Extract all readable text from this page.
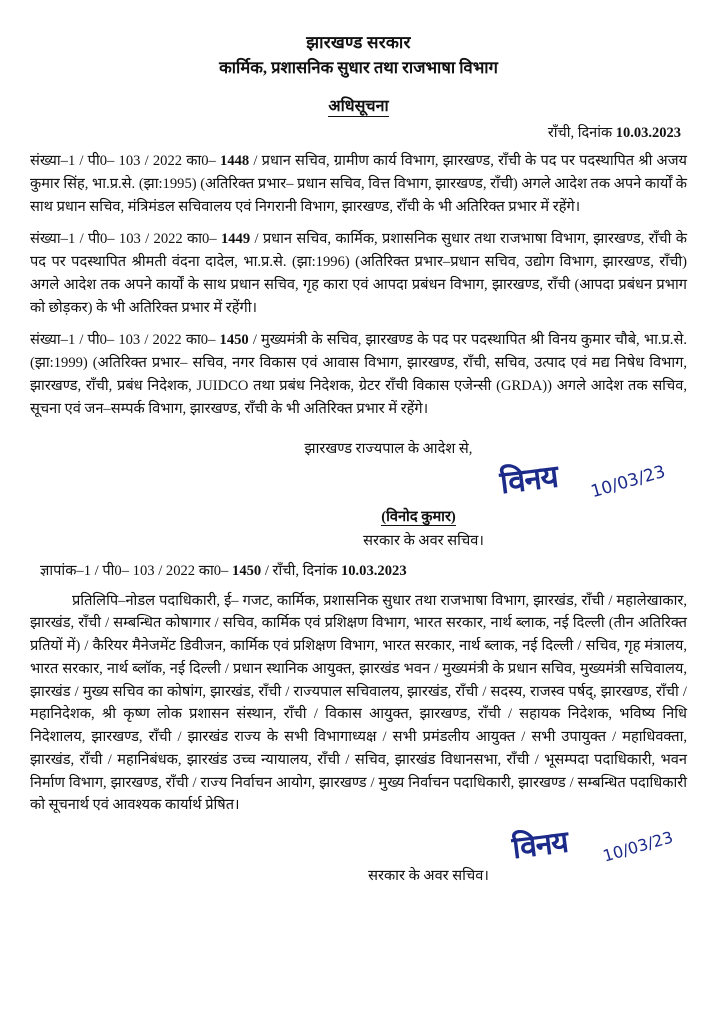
झारखण्ड सरकार
कार्मिक, प्रशासनिक सुधार तथा राजभाषा विभाग
अधिसूचना
राँची, दिनांक 10.03.2023
संख्या–1 / पी0– 103 / 2022 का0– 1448 / प्रधान सचिव, ग्रामीण कार्य विभाग, झारखण्ड, राँची के पद पर पदस्थापित श्री अजय कुमार सिंह, भा.प्र.से. (झा:1995) (अतिरिक्त प्रभार– प्रधान सचिव, वित्त विभाग, झारखण्ड, राँची) अगले आदेश तक अपने कार्यों के साथ प्रधान सचिव, मंत्रिमंडल सचिवालय एवं निगरानी विभाग, झारखण्ड, राँची के भी अतिरिक्त प्रभार में रहेंगे।
संख्या–1 / पी0– 103 / 2022 का0– 1449 / प्रधान सचिव, कार्मिक, प्रशासनिक सुधार तथा राजभाषा विभाग, झारखण्ड, राँची के पद पर पदस्थापित श्रीमती वंदना दादेल, भा.प्र.से. (झा:1996) (अतिरिक्त प्रभार–प्रधान सचिव, उद्योग विभाग, झारखण्ड, राँची) अगले आदेश तक अपने कार्यों के साथ प्रधान सचिव, गृह कारा एवं आपदा प्रबंधन विभाग, झारखण्ड, राँची (आपदा प्रबंधन प्रभाग को छोड़कर) के भी अतिरिक्त प्रभार में रहेंगी।
संख्या–1 / पी0– 103 / 2022 का0– 1450 / मुख्यमंत्री के सचिव, झारखण्ड के पद पर पदस्थापित श्री विनय कुमार चौबे, भा.प्र.से. (झा:1999) (अतिरिक्त प्रभार– सचिव, नगर विकास एवं आवास विभाग, झारखण्ड, राँची, सचिव, उत्पाद एवं मद्य निषेध विभाग, झारखण्ड, राँची, प्रबंध निदेशक, JUIDCO तथा प्रबंध निदेशक, ग्रेटर राँची विकास एजेन्सी (GRDA)) अगले आदेश तक सचिव, सूचना एवं जन–सम्पर्क विभाग, झारखण्ड, राँची के भी अतिरिक्त प्रभार में रहेंगे।
झारखण्ड राज्यपाल के आदेश से,
विनय 10/03/23
(विनोद कुमार)
सरकार के अवर सचिव।
ज्ञापांक–1 / पी0– 103 / 2022 का0– 1450 / राँची, दिनांक 10.03.2023
प्रतिलिपि–नोडल पदाधिकारी, ई– गजट, कार्मिक, प्रशासनिक सुधार तथा राजभाषा विभाग, झारखंड, राँची / महालेखाकार, झारखंड, राँची / सम्बन्धित कोषागार / सचिव, कार्मिक एवं प्रशिक्षण विभाग, भारत सरकार, नार्थ ब्लाक, नई दिल्ली (तीन अतिरिक्त प्रतियों में) / कैरियर मैनेजमेंट डिवीजन, कार्मिक एवं प्रशिक्षण विभाग, भारत सरकार, नार्थ ब्लाक, नई दिल्ली / सचिव, गृह मंत्रालय, भारत सरकार, नार्थ ब्लॉक, नई दिल्ली / प्रधान स्थानिक आयुक्त, झारखंड भवन / मुख्यमंत्री के प्रधान सचिव, मुख्यमंत्री सचिवालय, झारखंड / मुख्य सचिव का कोषांग, झारखंड, राँची / राज्यपाल सचिवालय, झारखंड, राँची / सदस्य, राजस्व पर्षद्, झारखण्ड, राँची / महानिदेशक, श्री कृष्ण लोक प्रशासन संस्थान, राँची / विकास आयुक्त, झारखण्ड, राँची / सहायक निदेशक, भविष्य निधि निदेशालय, झारखण्ड, राँची / झारखंड राज्य के सभी विभागाध्यक्ष / सभी प्रमंडलीय आयुक्त / सभी उपायुक्त / महाधिवक्ता, झारखंड, राँची / महानिबंधक, झारखंड उच्च न्यायालय, राँची / सचिव, झारखंड विधानसभा, राँची / भूसम्पदा पदाधिकारी, भवन निर्माण विभाग, झारखण्ड, राँची / राज्य निर्वाचन आयोग, झारखण्ड / मुख्य निर्वाचन पदाधिकारी, झारखण्ड / सम्बन्धित पदाधिकारी को सूचनार्थ एवं आवश्यक कार्यार्थ प्रेषित।
विनय 10/03/23
सरकार के अवर सचिव।
